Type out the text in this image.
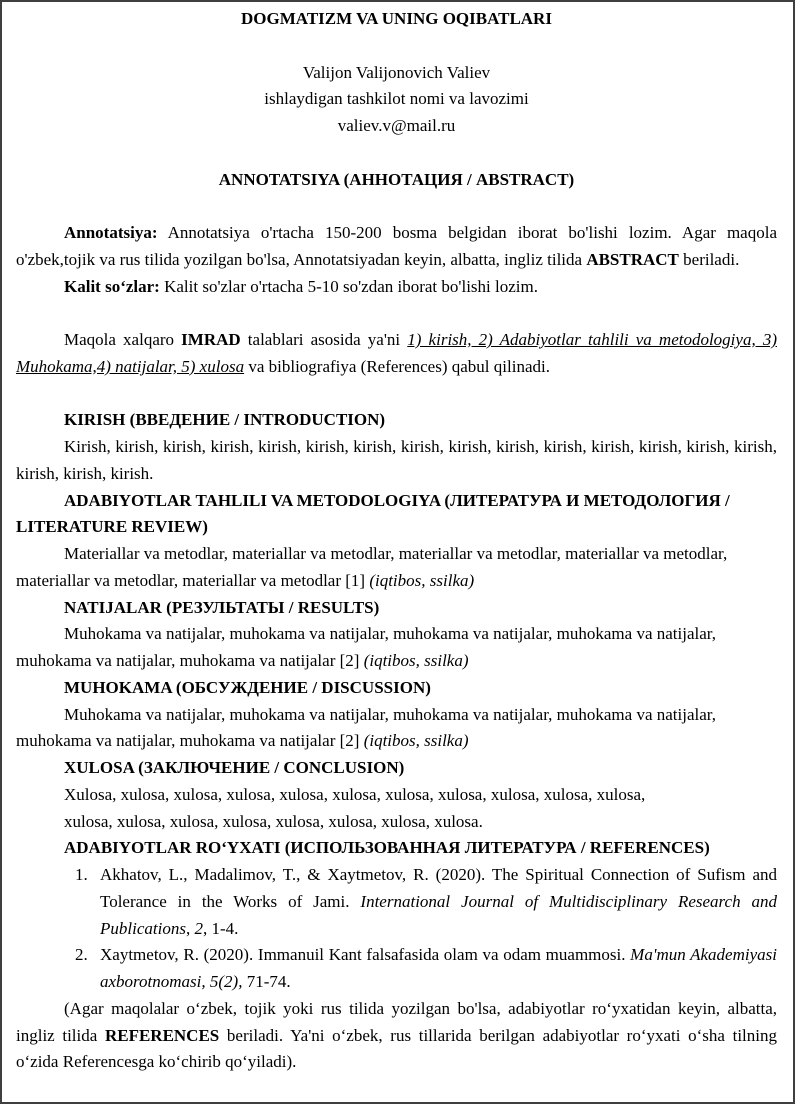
DOGMATIZM VA UNING OQIBATLARI
Valijon Valijonovich Valiev
ishlaydigan tashkilot nomi va lavozimi
valiev.v@mail.ru
ANNOTATSIYA (АННОТАЦИЯ / ABSTRACT)

Annotatsiya: Annotatsiya o'rtacha 150-200 bosma belgidan iborat bo'lishi lozim. Agar maqola o'zbek,tojik va rus tilida yozilgan bo'lsa, Annotatsiyadan keyin, albatta, ingliz tilida ABSTRACT beriladi.

Kalit soʻzlar: Kalit so'zlar o'rtacha 5-10 so'zdan iborat bo'lishi lozim.

Maqola xalqaro IMRAD talablari asosida ya'ni 1) kirish, 2) Adabiyotlar tahlili va metodologiya, 3) Muhokama,4) natijalar, 5) xulosa va bibliografiya (References) qabul qilinadi.

KIRISH (ВВЕДЕНИЕ / INTRODUCTION)

Kirish, kirish, kirish, kirish, kirish, kirish, kirish, kirish, kirish, kirish, kirish, kirish, kirish, kirish, kirish, kirish, kirish, kirish.

ADABIYOTLAR TAHLILI VA METODOLOGIYA (ЛИТЕРАТУРА И МЕТОДОЛОГИЯ / LITERATURE REVIEW)

Materiallar va metodlar, materiallar va metodlar, materiallar va metodlar, materiallar va metodlar, materiallar va metodlar, materiallar va metodlar [1] (iqtibos, ssilka)

NATIJALAR (РЕЗУЛЬТАТЫ / RESULTS)

Muhokama va natijalar, muhokama va natijalar, muhokama va natijalar, muhokama va natijalar, muhokama va natijalar, muhokama va natijalar [2] (iqtibos, ssilka)

MUHOKAMA (ОБСУЖДЕНИЕ / DISCUSSION)

Muhokama va natijalar, muhokama va natijalar, muhokama va natijalar, muhokama va natijalar, muhokama va natijalar, muhokama va natijalar [2] (iqtibos, ssilka)

XULOSA (ЗАКЛЮЧЕНИЕ / CONCLUSION)

Xulosa, xulosa, xulosa, xulosa, xulosa, xulosa, xulosa, xulosa, xulosa, xulosa, xulosa,
xulosa, xulosa, xulosa, xulosa, xulosa, xulosa, xulosa, xulosa.

ADABIYOTLAR ROʻYXATI (ИСПОЛЬЗОВАННАЯ ЛИТЕРАТУРА / REFERENCES)
1. Akhatov, L., Madalimov, T., & Xaytmetov, R. (2020). The Spiritual Connection of Sufism and Tolerance in the Works of Jami. International Journal of Multidisciplinary Research and Publications, 2, 1-4.
2. Xaytmetov, R. (2020). Immanuil Kant falsafasida olam va odam muammosi. Ma'mun Akademiyasi axborotnomasi, 5(2), 71-74.

(Agar maqolalar oʻzbek, tojik yoki rus tilida yozilgan bo'lsa, adabiyotlar roʻyxatidan keyin, albatta, ingliz tilida REFERENCES beriladi. Ya'ni oʻzbek, rus tillarida berilgan adabiyotlar roʻyxati oʻsha tilning oʻzida Referencesga koʻchirib qoʻyiladi).
